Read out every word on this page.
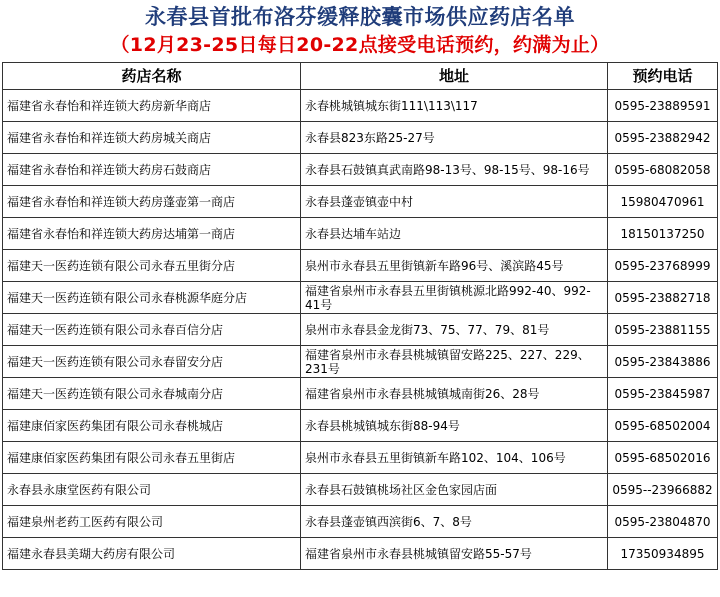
永春县首批布洛芬缓释胶囊市场供应药店名单
（12月23-25日每日20-22点接受电话预约，约满为止）
药店名称	地址	预约电话
福建省永春怡和祥连锁大药房新华商店	永春桃城镇城东街111\113\117	0595-23889591
福建省永春怡和祥连锁大药房城关商店	永春县823东路25-27号	0595-23882942
福建省永春怡和祥连锁大药房石鼓商店	永春县石鼓镇真武南路98-13号、98-15号、98-16号	0595-68082058
福建省永春怡和祥连锁大药房蓬壶第一商店	永春县蓬壶镇壶中村	15980470961
福建省永春怡和祥连锁大药房达埔第一商店	永春县达埔车站边	18150137250
福建天一医药连锁有限公司永春五里街分店	泉州市永春县五里街镇新车路96号、溪滨路45号	0595-23768999
福建天一医药连锁有限公司永春桃源华庭分店	福建省泉州市永春县五里街镇桃源北路992-40、992-41号	0595-23882718
福建天一医药连锁有限公司永春百信分店	泉州市永春县金龙街73、75、77、79、81号	0595-23881155
福建天一医药连锁有限公司永春留安分店	福建省泉州市永春县桃城镇留安路225、227、229、231号	0595-23843886
福建天一医药连锁有限公司永春城南分店	福建省泉州市永春县桃城镇城南街26、28号	0595-23845987
福建康佰家医药集团有限公司永春桃城店	永春县桃城镇城东街88-94号	0595-68502004
福建康佰家医药集团有限公司永春五里街店	泉州市永春县五里街镇新车路102、104、106号	0595-68502016
永春县永康堂医药有限公司	永春县石鼓镇桃场社区金色家园店面	0595--23966882
福建泉州老药工医药有限公司	永春县蓬壶镇西滨街6、7、8号	0595-23804870
福建永春县美瑚大药房有限公司	福建省泉州市永春县桃城镇留安路55-57号	17350934895
